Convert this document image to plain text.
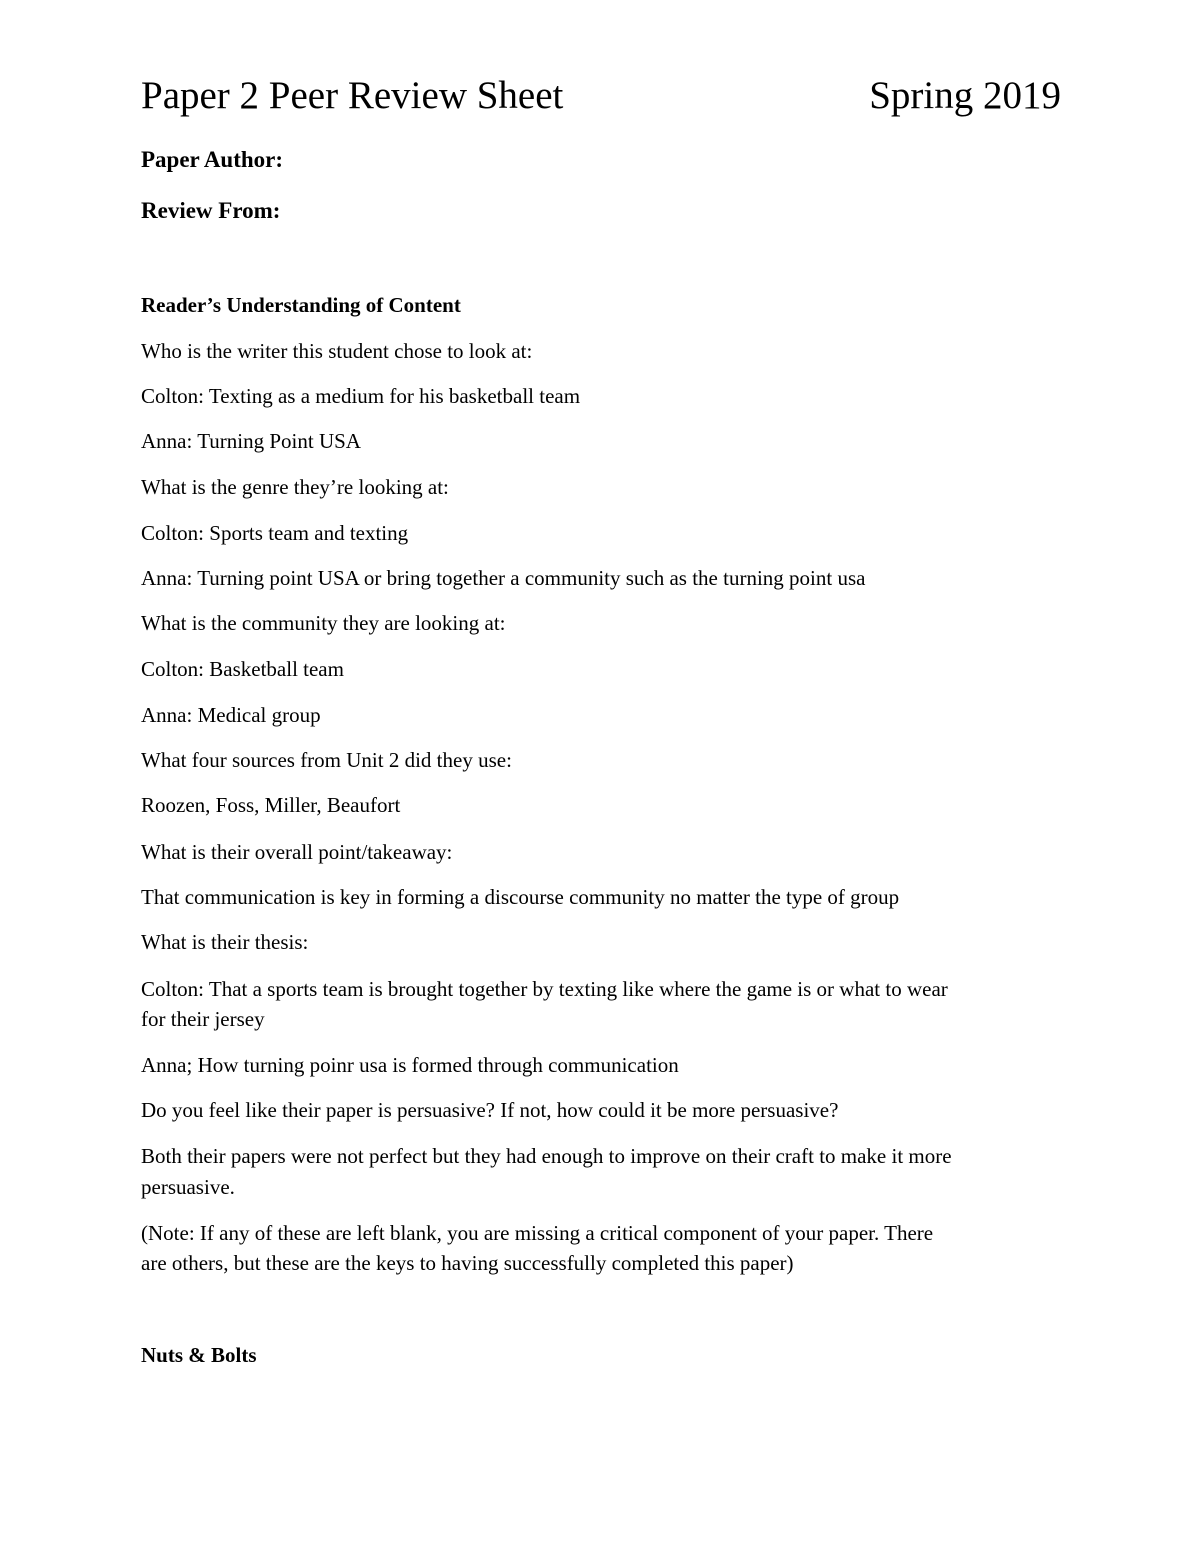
Paper 2 Peer Review Sheet	Spring 2019
Paper Author:
Review From:
Reader’s Understanding of Content
Who is the writer this student chose to look at:
Colton: Texting as a medium for his basketball team
Anna: Turning Point USA
What is the genre they’re looking at:
Colton: Sports team and texting
Anna: Turning point USA or bring together a community such as the turning point usa
What is the community they are looking at:
Colton: Basketball team
Anna: Medical group
What four sources from Unit 2 did they use:
Roozen, Foss, Miller, Beaufort
What is their overall point/takeaway:
That communication is key in forming a discourse community no matter the type of group
What is their thesis:
Colton: That a sports team is brought together by texting like where the game is or what to wear
for their jersey
Anna; How turning poinr usa is formed through communication
Do you feel like their paper is persuasive? If not, how could it be more persuasive?
Both their papers were not perfect but they had enough to improve on their craft to make it more
persuasive.
(Note: If any of these are left blank, you are missing a critical component of your paper. There
are others, but these are the keys to having successfully completed this paper)
Nuts & Bolts
